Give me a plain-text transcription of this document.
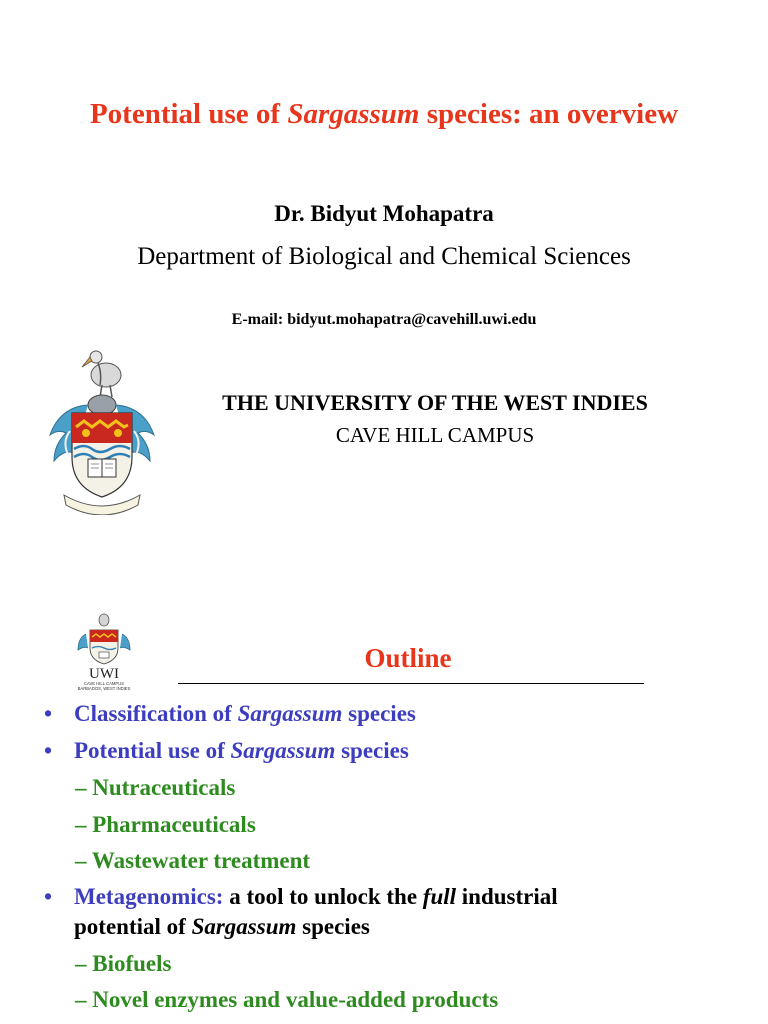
Potential use of Sargassum species: an overview
Dr. Bidyut Mohapatra
Department of Biological and Chemical Sciences
E-mail: bidyut.mohapatra@cavehill.uwi.edu
THE UNIVERSITY OF THE WEST INDIES
CAVE HILL CAMPUS
UWI
CAVE HILL CAMPUS
BARBADOS, WEST INDIES
Outline
• Classification of Sargassum species
• Potential use of Sargassum species
– Nutraceuticals
– Pharmaceuticals
– Wastewater treatment
• Metagenomics: a tool to unlock the full industrial
potential of Sargassum species
– Biofuels
– Novel enzymes and value-added products
